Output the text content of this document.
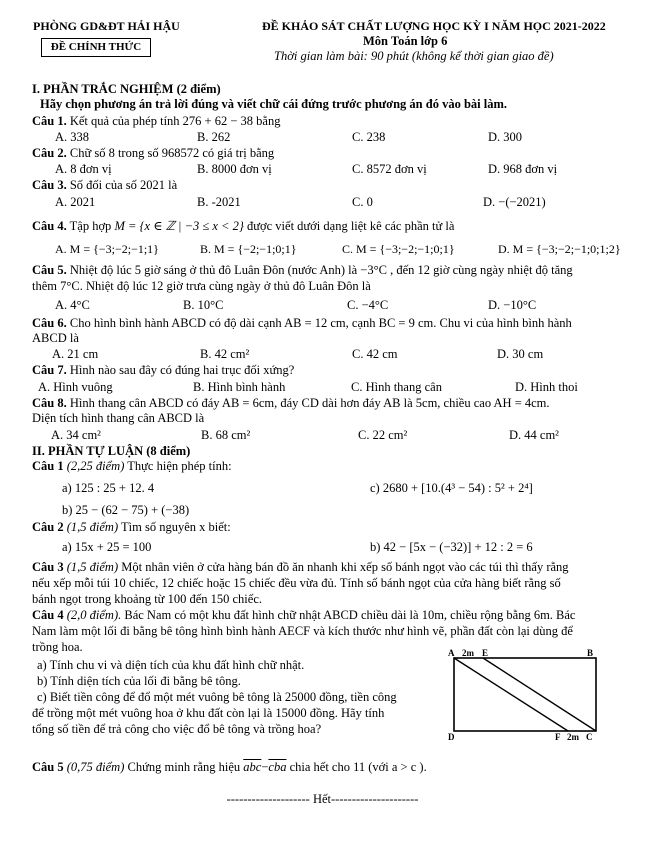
PHÒNG GD&ĐT HẢI HẬU
ĐỀ CHÍNH THỨC
ĐỀ KHẢO SÁT CHẤT LƯỢNG HỌC KỲ I NĂM HỌC 2021-2022
Môn Toán lớp 6
Thời gian làm bài: 90 phút (không kể thời gian giao đề)
I. PHẦN TRẮC NGHIỆM (2 điểm)
Hãy chọn phương án trả lời đúng và viết chữ cái đứng trước phương án đó vào bài làm.
Câu 1. Kết quả của phép tính 276 + 62 − 38 bằng
A. 338	B. 262	C. 238	D. 300
Câu 2. Chữ số 8 trong số 968572 có giá trị bằng
A. 8 đơn vị	B. 8000 đơn vị	C. 8572 đơn vị	D. 968 đơn vị
Câu 3. Số đối của số 2021 là
A. 2021	B. -2021	C. 0	D. −(−2021)
Câu 4. Tập hợp M = {x ∈ ℤ | −3 ≤ x < 2} được viết dưới dạng liệt kê các phần tử là
A. M = {−3;−2;−1;1}	B. M = {−2;−1;0;1}	C. M = {−3;−2;−1;0;1}	D. M = {−3;−2;−1;0;1;2}
Câu 5. Nhiệt độ lúc 5 giờ sáng ở thủ đô Luân Đôn (nước Anh) là −3°C , đến 12 giờ cùng ngày nhiệt độ tăng
thêm 7°C. Nhiệt độ lúc 12 giờ trưa cùng ngày ở thủ đô Luân Đôn là
A. 4°C	B. 10°C	C. −4°C	D. −10°C
Câu 6. Cho hình bình hành ABCD có độ dài cạnh AB = 12 cm, cạnh BC = 9 cm. Chu vi của hình bình hành
ABCD là
A. 21 cm	B. 42 cm²	C. 42 cm	D. 30 cm
Câu 7. Hình nào sau đây có đúng hai trục đối xứng?
A. Hình vuông	B. Hình bình hành	C. Hình thang cân	D. Hình thoi
Câu 8. Hình thang cân ABCD có đáy AB = 6cm, đáy CD dài hơn đáy AB là 5cm, chiều cao AH = 4cm.
Diện tích hình thang cân ABCD là
A. 34 cm²	B. 68 cm²	C. 22 cm²	D. 44 cm²
II. PHẦN TỰ LUẬN (8 điểm)
Câu 1 (2,25 điểm) Thực hiện phép tính:
a) 125 : 25 + 12. 4	c) 2680 + [10.(4³ − 54) : 5² + 2⁴]
b) 25 − (62 − 75) + (−38)
Câu 2 (1,5 điểm) Tìm số nguyên x biết:
a) 15x + 25 = 100	b) 42 − [5x − (−32)] + 12 : 2 = 6
Câu 3 (1,5 điểm) Một nhân viên ở cửa hàng bán đồ ăn nhanh khi xếp số bánh ngọt vào các túi thì thấy rằng
nếu xếp mỗi túi 10 chiếc, 12 chiếc hoặc 15 chiếc đều vừa đủ. Tính số bánh ngọt của cửa hàng biết rằng số
bánh ngọt trong khoảng từ 100 đến 150 chiếc.
Câu 4 (2,0 điểm). Bác Nam có một khu đất hình chữ nhật ABCD chiều dài là 10m, chiều rộng bằng 6m. Bác
Nam làm một lối đi bằng bê tông hình bình hành AECF và kích thước như hình vẽ, phần đất còn lại dùng để
trồng hoa.
a) Tính chu vi và diện tích của khu đất hình chữ nhật.
b) Tính diện tích của lối đi bằng bê tông.
c) Biết tiền công để đổ một mét vuông bê tông là 25000 đồng, tiền công
để trồng một mét vuông hoa ở khu đất còn lại là 15000 đồng. Hãy tính
tổng số tiền để trả công cho việc đổ bê tông và trồng hoa?
A 2m E	B
D	F 2m C
Câu 5 (0,75 điểm) Chứng minh rằng hiệu $\overline{abc}-\overline{cba}$ chia hết cho 11 (với a > c ).
-------------------- Hết---------------------
